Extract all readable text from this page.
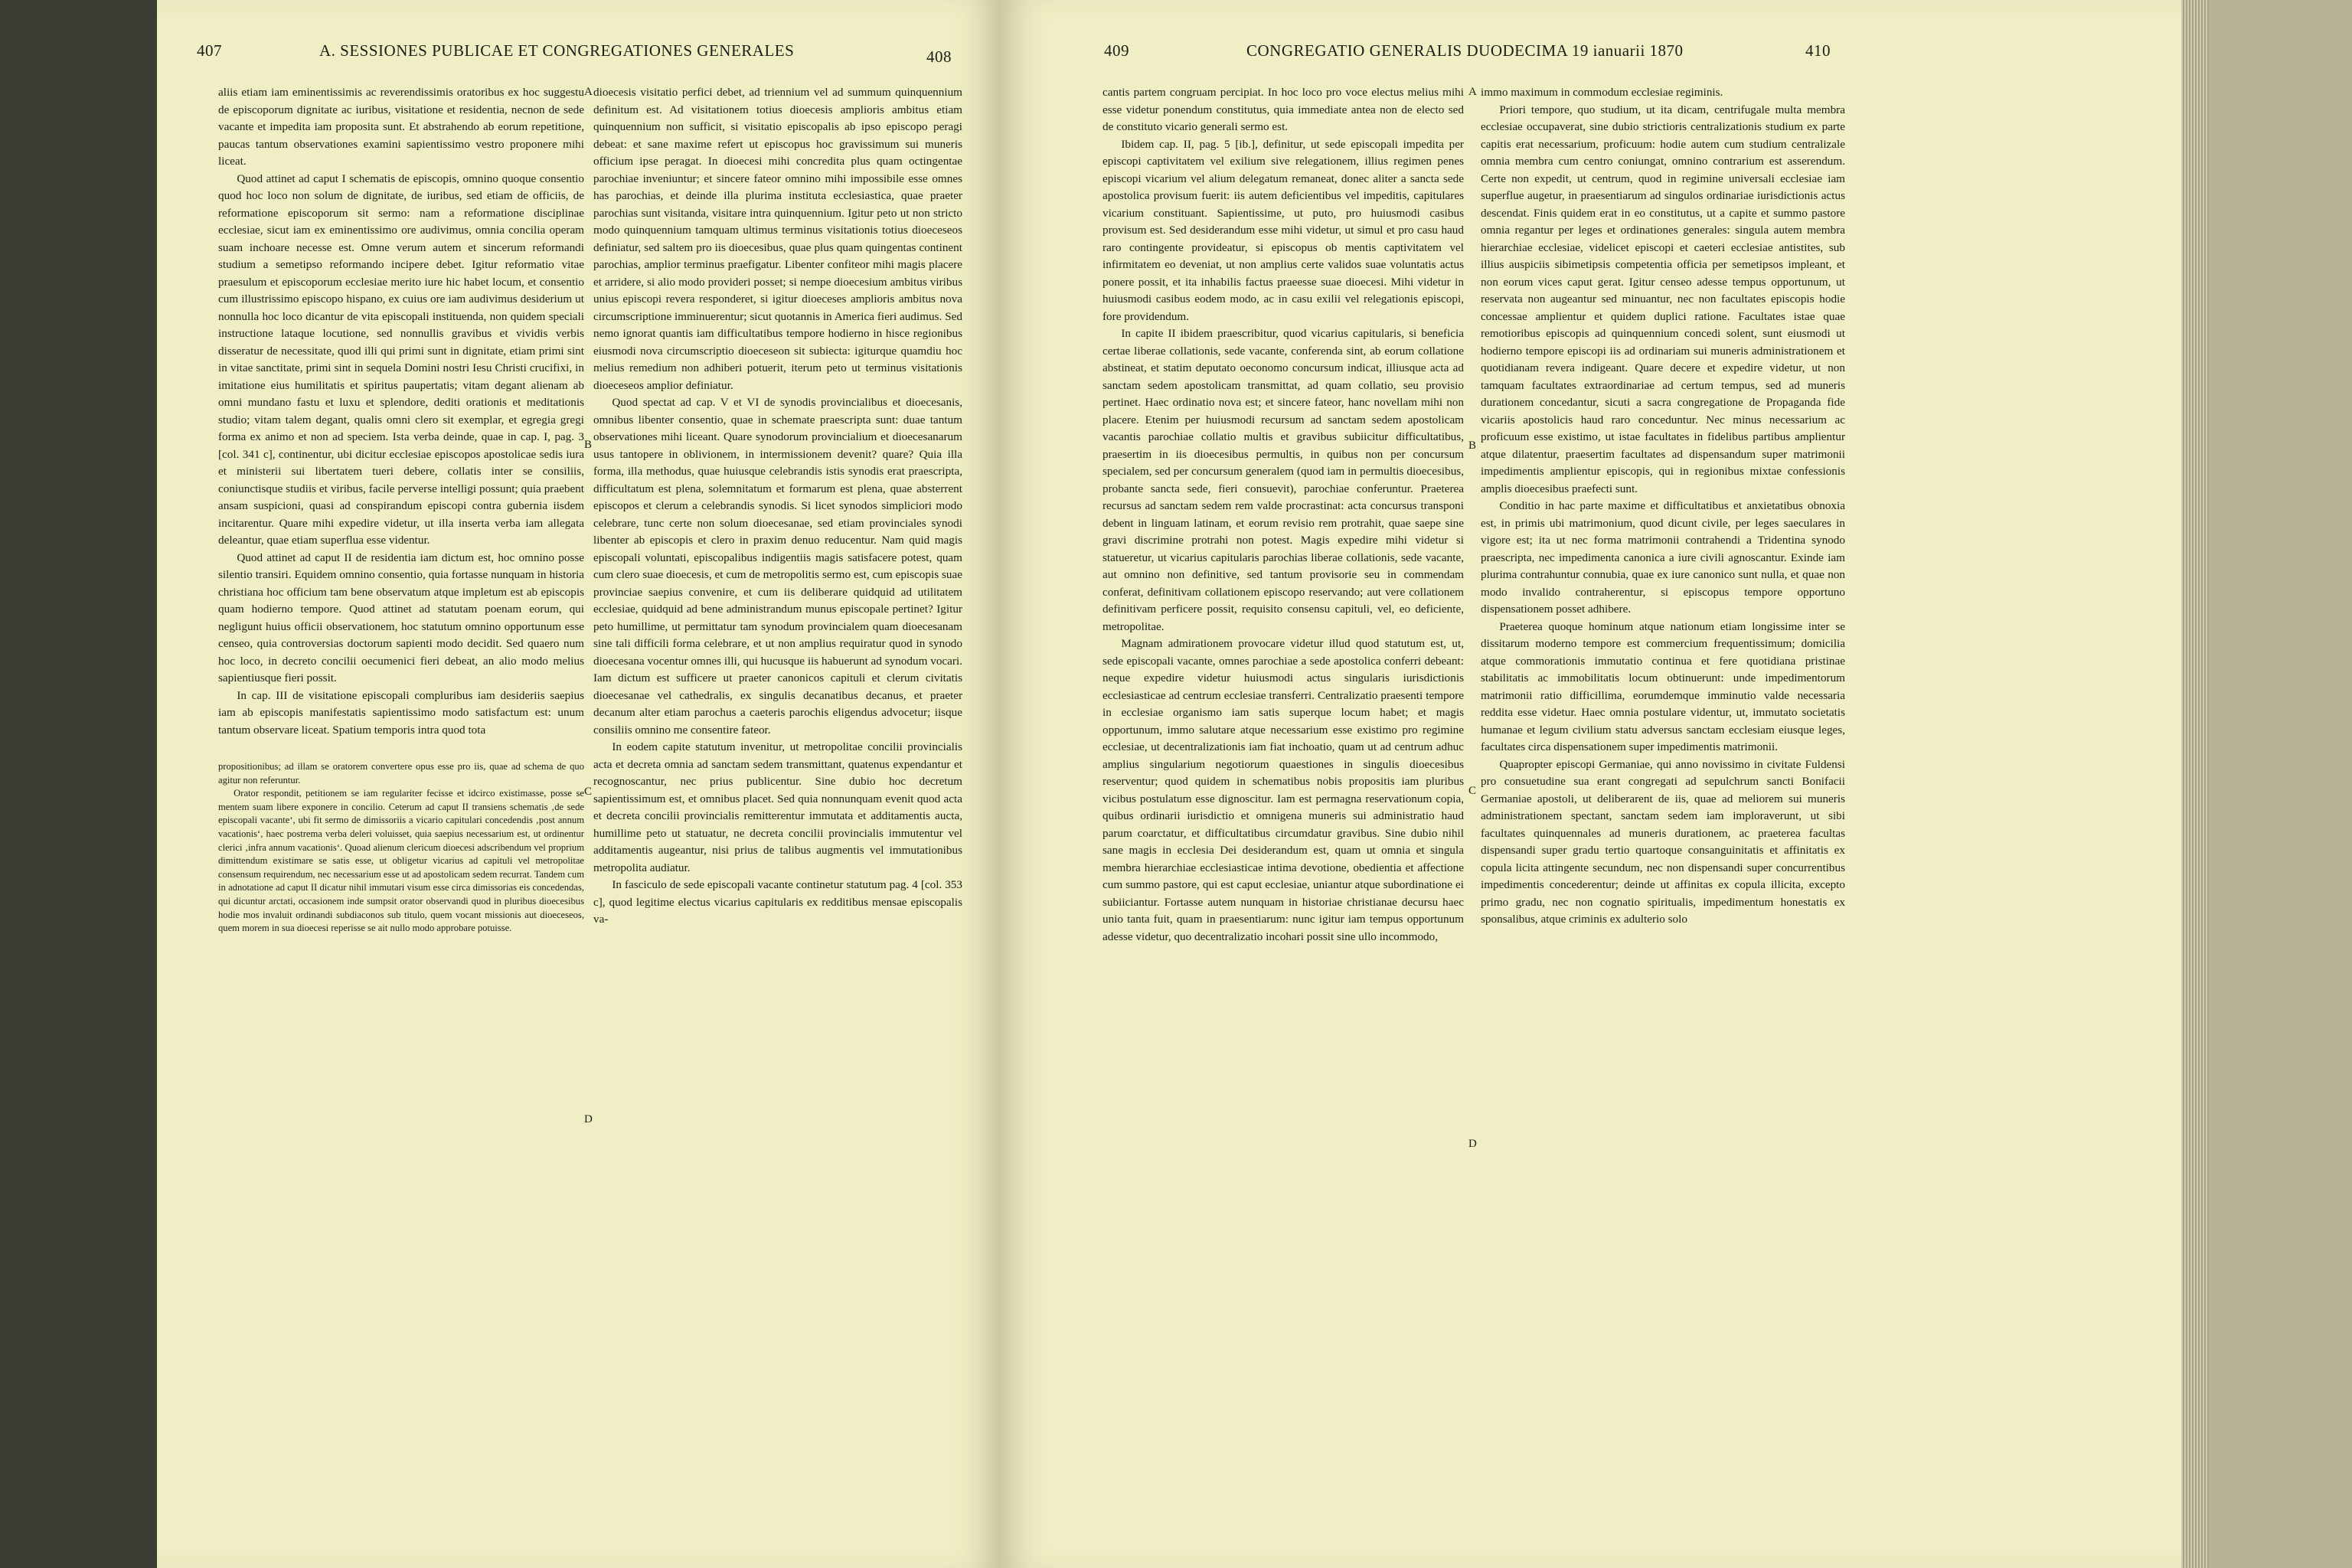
407	A. SESSIONES PUBLICAE ET CONGREGATIONES GENERALES	408

aliis etiam iam eminentissimis ac reverendissimis oratoribus ex hoc suggestu de episcoporum dignitate ac iuribus, visitatione et residentia, necnon de sede vacante et impedita iam proposita sunt. Et abstrahendo ab eorum repetitione, paucas tantum observationes examini sapientissimo vestro proponere mihi liceat.

Quod attinet ad caput I schematis de episcopis, omnino quoque consentio quod hoc loco non solum de dignitate, de iuribus, sed etiam de officiis, de reformatione episcoporum sit sermo: nam a reformatione disciplinae ecclesiae, sicut iam ex eminentissimo ore audivimus, omnia concilia operam suam inchoare necesse est. Omne verum autem et sincerum reformandi studium a semetipso reformando incipere debet. Igitur reformatio vitae praesulum et episcoporum ecclesiae merito iure hic habet locum, et consentio cum illustrissimo episcopo hispano, ex cuius ore iam audivimus desiderium ut nonnulla hoc loco dicantur de vita episcopali instituenda, non quidem speciali instructione lataque locutione, sed nonnullis gravibus et vividis verbis disseratur de necessitate, quod illi qui primi sunt in dignitate, etiam primi sint in vitae sanctitate, primi sint in sequela Domini nostri Iesu Christi crucifixi, in imitatione eius humilitatis et spiritus paupertatis; vitam degant alienam ab omni mundano fastu et luxu et splendore, dediti orationis et meditationis studio; vitam talem degant, qualis omni clero sit exemplar, et egregia gregi forma ex animo et non ad speciem. Ista verba deinde, quae in cap. I, pag. 3 [col. 341 c], continentur, ubi dicitur ecclesiae episcopos apostolicae sedis iura et ministerii sui libertatem tueri debere, collatis inter se consiliis, coniunctisque studiis et viribus, facile perverse intelligi possunt; quia praebent ansam suspicioni, quasi ad conspirandum episcopi contra gubernia iisdem incitarentur. Quare mihi expedire videtur, ut illa inserta verba iam allegata deleantur, quae etiam superflua esse videntur.

Quod attinet ad caput II de residentia iam dictum est, hoc omnino posse silentio transiri. Equidem omnino consentio, quia fortasse nunquam in historia christiana hoc officium tam bene observatum atque impletum est ab episcopis quam hodierno tempore. Quod attinet ad statutam poenam eorum, qui negligunt huius officii observationem, hoc statutum omnino opportunum esse censeo, quia controversias doctorum sapienti modo decidit. Sed quaero num hoc loco, in decreto concilii oecumenici fieri debeat, an alio modo melius sapientiusque fieri possit.

In cap. III de visitatione episcopali compluribus iam desideriis saepius iam ab episcopis manifestatis sapientissimo modo satisfactum est: unum tantum observare liceat. Spatium temporis intra quod tota

propositionibus; ad illam se oratorem convertere opus esse pro iis, quae ad schema de quo agitur non referuntur.

Orator respondit, petitionem se iam regulariter fecisse et idcirco existimasse, posse se mentem suam libere exponere in concilio. Ceterum ad caput II transiens schematis ‚de sede episcopali vacante‘, ubi fit sermo de dimissoriis a vicario capitulari concedendis ‚post annum vacationis‘, haec postrema verba deleri voluisset, quia saepius necessarium est, ut ordinentur clerici ‚infra annum vacationis‘. Quoad alienum clericum dioecesi adscribendum vel proprium dimittendum existimare se satis esse, ut obligetur vicarius ad capituli vel metropolitae consensum requirendum, nec necessarium esse ut ad apostolicam sedem recurrat. Tandem cum in adnotatione ad caput II dicatur nihil immutari visum esse circa dimissorias eis concedendas, qui dicuntur arctati, occasionem inde sumpsit orator observandi quod in pluribus dioecesibus hodie mos invaluit ordinandi subdiaconos sub titulo, quem vocant missionis aut dioeceseos, quem morem in sua dioecesi reperisse se ait nullo modo approbare potuisse.

dioecesis visitatio perfici debet, ad triennium vel ad summum quinquennium definitum est. Ad visitationem totius dioecesis amplioris ambitus etiam quinquennium non sufficit, si visitatio episcopalis ab ipso episcopo peragi debeat: et sane maxime refert ut episcopus hoc gravissimum sui muneris officium ipse peragat. In dioecesi mihi concredita plus quam octingentae parochiae inveniuntur; et sincere fateor omnino mihi impossibile esse omnes has parochias, et deinde illa plurima instituta ecclesiastica, quae praeter parochias sunt visitanda, visitare intra quinquennium. Igitur peto ut non stricto modo quinquennium tamquam ultimus terminus visitationis totius dioeceseos definiatur, sed saltem pro iis dioecesibus, quae plus quam quingentas continent parochias, amplior terminus praefigatur. Libenter confiteor mihi magis placere et arridere, si alio modo provideri posset; si nempe dioecesium ambitus viribus unius episcopi revera responderet, si igitur dioeceses amplioris ambitus nova circumscriptione imminuerentur; sicut quotannis in America fieri audimus. Sed nemo ignorat quantis iam difficultatibus tempore hodierno in hisce regionibus eiusmodi nova circumscriptio dioeceseon sit subiecta: igiturque quamdiu hoc melius remedium non adhiberi potuerit, iterum peto ut terminus visitationis dioeceseos amplior definiatur.

Quod spectat ad cap. V et VI de synodis provincialibus et dioecesanis, omnibus libenter consentio, quae in schemate praescripta sunt: duae tantum observationes mihi liceant. Quare synodorum provincialium et dioecesanarum usus tantopere in oblivionem, in intermissionem devenit? quare? Quia illa forma, illa methodus, quae huiusque celebrandis istis synodis erat praescripta, difficultatum est plena, solemnitatum et formarum est plena, quae absterrent episcopos et clerum a celebrandis synodis. Si licet synodos simpliciori modo celebrare, tunc certe non solum dioecesanae, sed etiam provinciales synodi libenter ab episcopis et clero in praxim denuo reducentur. Nam quid magis episcopali voluntati, episcopalibus indigentiis magis satisfacere potest, quam cum clero suae dioecesis, et cum de metropolitis sermo est, cum episcopis suae provinciae saepius convenire, et cum iis deliberare quidquid ad utilitatem ecclesiae, quidquid ad bene administrandum munus episcopale pertinet? Igitur peto humillime, ut permittatur tam synodum provincialem quam dioecesanam sine tali difficili forma celebrare, et ut non amplius requiratur quod in synodo dioecesana vocentur omnes illi, qui hucusque iis habuerunt ad synodum vocari. Iam dictum est sufficere ut praeter canonicos capituli et clerum civitatis dioecesanae vel cathedralis, ex singulis decanatibus decanus, et praeter decanum alter etiam parochus a caeteris parochis eligendus advocetur; iisque consiliis omnino me consentire fateor.

In eodem capite statutum invenitur, ut metropolitae concilii provincialis acta et decreta omnia ad sanctam sedem transmittant, quatenus expendantur et recognoscantur, nec prius publicentur. Sine dubio hoc decretum sapientissimum est, et omnibus placet. Sed quia nonnunquam evenit quod acta et decreta concilii provincialis remitterentur immutata et additamentis aucta, humillime peto ut statuatur, ne decreta concilii provincialis immutentur vel additamentis augeantur, nisi prius de talibus augmentis vel immutationibus metropolita audiatur.

In fasciculo de sede episcopali vacante continetur statutum pag. 4 [col. 353 c], quod legitime electus vicarius capitularis ex redditibus mensae episcopalis va-

A
B
C
D
409	CONGREGATIO GENERALIS DUODECIMA 19 ianuarii 1870	410

cantis partem congruam percipiat. In hoc loco pro voce electus melius mihi esse videtur ponendum constitutus, quia immediate antea non de electo sed de constituto vicario generali sermo est.

Ibidem cap. II, pag. 5 [ib.], definitur, ut sede episcopali impedita per episcopi captivitatem vel exilium sive relegationem, illius regimen penes episcopi vicarium vel alium delegatum remaneat, donec aliter a sancta sede apostolica provisum fuerit: iis autem deficientibus vel impeditis, capitulares vicarium constituant. Sapientissime, ut puto, pro huiusmodi casibus provisum est. Sed desiderandum esse mihi videtur, ut simul et pro casu haud raro contingente provideatur, si episcopus ob mentis captivitatem vel infirmitatem eo deveniat, ut non amplius certe validos suae voluntatis actus ponere possit, et ita inhabilis factus praeesse suae dioecesi. Mihi videtur in huiusmodi casibus eodem modo, ac in casu exilii vel relegationis episcopi, fore providendum.

In capite II ibidem praescribitur, quod vicarius capitularis, si beneficia certae liberae collationis, sede vacante, conferenda sint, ab eorum collatione abstineat, et statim deputato oeconomo concursum indicat, illiusque acta ad sanctam sedem apostolicam transmittat, ad quam collatio, seu provisio pertinet. Haec ordinatio nova est; et sincere fateor, hanc novellam mihi non placere. Etenim per huiusmodi recursum ad sanctam sedem apostolicam vacantis parochiae collatio multis et gravibus subiicitur difficultatibus, praesertim in iis dioecesibus permultis, in quibus non per concursum specialem, sed per concursum generalem (quod iam in permultis dioecesibus, probante sancta sede, fieri consuevit), parochiae conferuntur. Praeterea recursus ad sanctam sedem rem valde procrastinat: acta concursus transponi debent in linguam latinam, et eorum revisio rem protrahit, quae saepe sine gravi discrimine protrahi non potest. Magis expedire mihi videtur si statueretur, ut vicarius capitularis parochias liberae collationis, sede vacante, aut omnino non definitive, sed tantum provisorie seu in commendam conferat, definitivam collationem episcopo reservando; aut vere collationem definitivam perficere possit, requisito consensu capituli, vel, eo deficiente, metropolitae.

Magnam admirationem provocare videtur illud quod statutum est, ut, sede episcopali vacante, omnes parochiae a sede apostolica conferri debeant: neque expedire videtur huiusmodi actus singularis iurisdictionis ecclesiasticae ad centrum ecclesiae transferri. Centralizatio praesenti tempore in ecclesiae organismo iam satis superque locum habet; et magis opportunum, immo salutare atque necessarium esse existimo pro regimine ecclesiae, ut decentralizationis iam fiat inchoatio, quam ut ad centrum adhuc amplius singularium negotiorum quaestiones in singulis dioecesibus reserventur; quod quidem in schematibus nobis propositis iam pluribus vicibus postulatum esse dignoscitur. Iam est permagna reservationum copia, quibus ordinarii iurisdictio et omnigena muneris sui administratio haud parum coarctatur, et difficultatibus circumdatur gravibus. Sine dubio nihil sane magis in ecclesia Dei desiderandum est, quam ut omnia et singula membra hierarchiae ecclesiasticae intima devotione, obedientia et affectione cum summo pastore, qui est caput ecclesiae, uniantur atque subordinatione ei subiiciantur. Fortasse autem nunquam in historiae christianae decursu haec unio tanta fuit, quam in praesentiarum: nunc igitur iam tempus opportunum adesse videtur, quo decentralizatio incohari possit sine ullo incommodo,

immo maximum in commodum ecclesiae regiminis.

Priori tempore, quo studium, ut ita dicam, centrifugale multa membra ecclesiae occupaverat, sine dubio strictioris centralizationis studium ex parte capitis erat necessarium, proficuum: hodie autem cum studium centralizale omnia membra cum centro coniungat, omnino contrarium est asserendum. Certe non expedit, ut centrum, quod in regimine universali ecclesiae iam superflue augetur, in praesentiarum ad singulos ordinariae iurisdictionis actus descendat. Finis quidem erat in eo constitutus, ut a capite et summo pastore omnia regantur per leges et ordinationes generales: singula autem membra hierarchiae ecclesiae, videlicet episcopi et caeteri ecclesiae antistites, sub illius auspiciis sibimetipsis competentia officia per semetipsos impleant, et non eorum vices caput gerat. Igitur censeo adesse tempus opportunum, ut reservata non augeantur sed minuantur, nec non facultates episcopis hodie concessae amplientur et quidem duplici ratione. Facultates istae quae remotioribus episcopis ad quinquennium concedi solent, sunt eiusmodi ut hodierno tempore episcopi iis ad ordinariam sui muneris administrationem et quotidianam revera indigeant. Quare decere et expedire videtur, ut non tamquam facultates extraordinariae ad certum tempus, sed ad muneris durationem concedantur, sicuti a sacra congregatione de Propaganda fide vicariis apostolicis haud raro conceduntur. Nec minus necessarium ac proficuum esse existimo, ut istae facultates in fidelibus partibus amplientur atque dilatentur, praesertim facultates ad dispensandum super matrimonii impedimentis amplientur episcopis, qui in regionibus mixtae confessionis amplis dioecesibus praefecti sunt.

Conditio in hac parte maxime et difficultatibus et anxietatibus obnoxia est, in primis ubi matrimonium, quod dicunt civile, per leges saeculares in vigore est; ita ut nec forma matrimonii contrahendi a Tridentina synodo praescripta, nec impedimenta canonica a iure civili agnoscantur. Exinde iam plurima contrahuntur connubia, quae ex iure canonico sunt nulla, et quae non modo invalido contraherentur, si episcopus tempore opportuno dispensationem posset adhibere.

Praeterea quoque hominum atque nationum etiam longissime inter se dissitarum moderno tempore est commercium frequentissimum; domicilia atque commorationis immutatio continua et fere quotidiana pristinae stabilitatis ac immobilitatis locum obtinuerunt: unde impedimentorum matrimonii ratio difficillima, eorumdemque imminutio valde necessaria reddita esse videtur. Haec omnia postulare videntur, ut, immutato societatis humanae et legum civilium statu adversus sanctam ecclesiam eiusque leges, facultates circa dispensationem super impedimentis matrimonii.

Quapropter episcopi Germaniae, qui anno novissimo in civitate Fuldensi pro consuetudine sua erant congregati ad sepulchrum sancti Bonifacii Germaniae apostoli, ut deliberarent de iis, quae ad meliorem sui muneris administrationem spectant, sanctam sedem iam imploraverunt, ut sibi facultates quinquennales ad muneris durationem, ac praeterea facultas dispensandi super gradu tertio quartoque consanguinitatis et affinitatis ex copula licita attingente secundum, nec non dispensandi super concurrentibus impedimentis concederentur; deinde ut affinitas ex copula illicita, excepto primo gradu, nec non cognatio spiritualis, impedimentum honestatis ex sponsalibus, atque criminis ex adulterio solo

A
B
C
D
